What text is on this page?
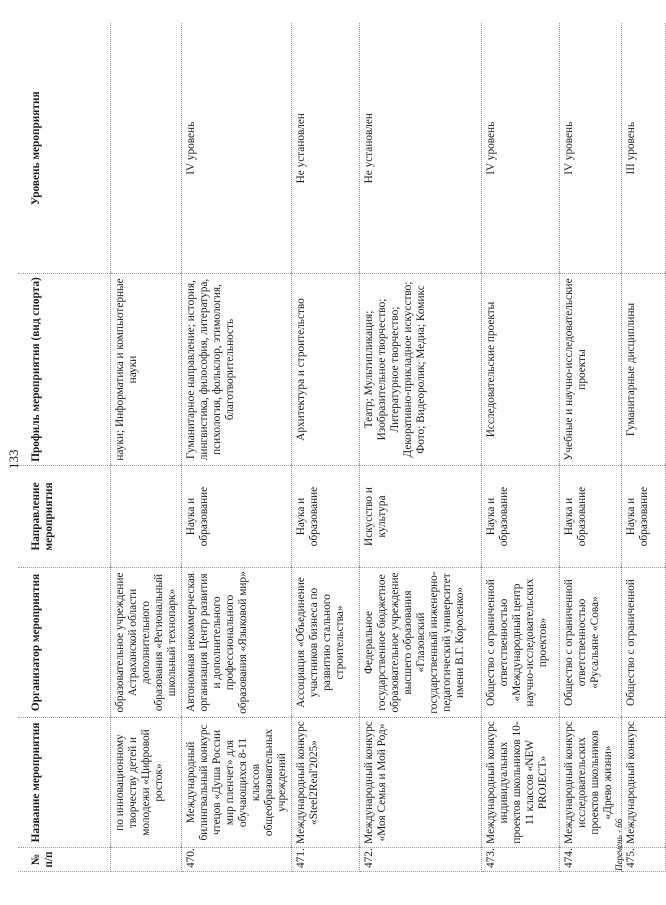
133
№ п/п	Название мероприятия	Организатор мероприятия	Направление мероприятия	Профиль мероприятия (вид спорта)	Уровень мероприятия
	по инновационному творчеству детей и молодежи «Цифровой росток»	образовательное учреждение Астраханской области дополнительного образования «Региональный школьный технопарк»		науки; Информатика и компьютерные науки	
470.	Международный билингвальный конкурс чтецов «Душа России мир пленчет» для обучающихся 8-11 классов общеобразовательных учреждений	Автономная некоммерческая организация Центр развития и дополнительного профессионального образования «Языковой мир»	Наука и образование	Гуманитарное направление; история, лингвистика, философия, литература, психология, фольклор, этимология, благотворительность	IV уровень
471.	Международный конкурс «Steel2Real'2025»	Ассоциация «Объединение участников бизнеса по развитию стального строительства»	Наука и образование	Архитектура и строительство	Не установлен
472.	Международный конкурс «Моя Семья и Мой Род»	Федеральное государственное бюджетное образовательное учреждение высшего образования «Глазовский государственный инженерно-педагогический университет имени В.Г. Короленко»	Искусство и культура	Театр; Мультипликация; Изобразительное творчество; Литературное творчество; Декоративно-прикладное искусство; Фото; Видеоролик; Медиа; Комикс	Не установлен
473.	Международный конкурс индивидуальных проектов школьников 10-11 классов «NEW PROJECT»	Общество с ограниченной ответственностью «Международный центр научно-исследовательских проектов»	Наука и образование	Исследовательские проекты	IV уровень
474.	Международный конкурс исследовательских проектов школьников «Древо жизни»	Общество с ограниченной ответственностью «Русальяне «Сова»	Наука и образование	Учебные и научно-исследовательские проекты	IV уровень
475.	Международный конкурс	Общество с ограниченной	Наука и образование	Гуманитарные дисциплины	III уровень
Перечень - 66
